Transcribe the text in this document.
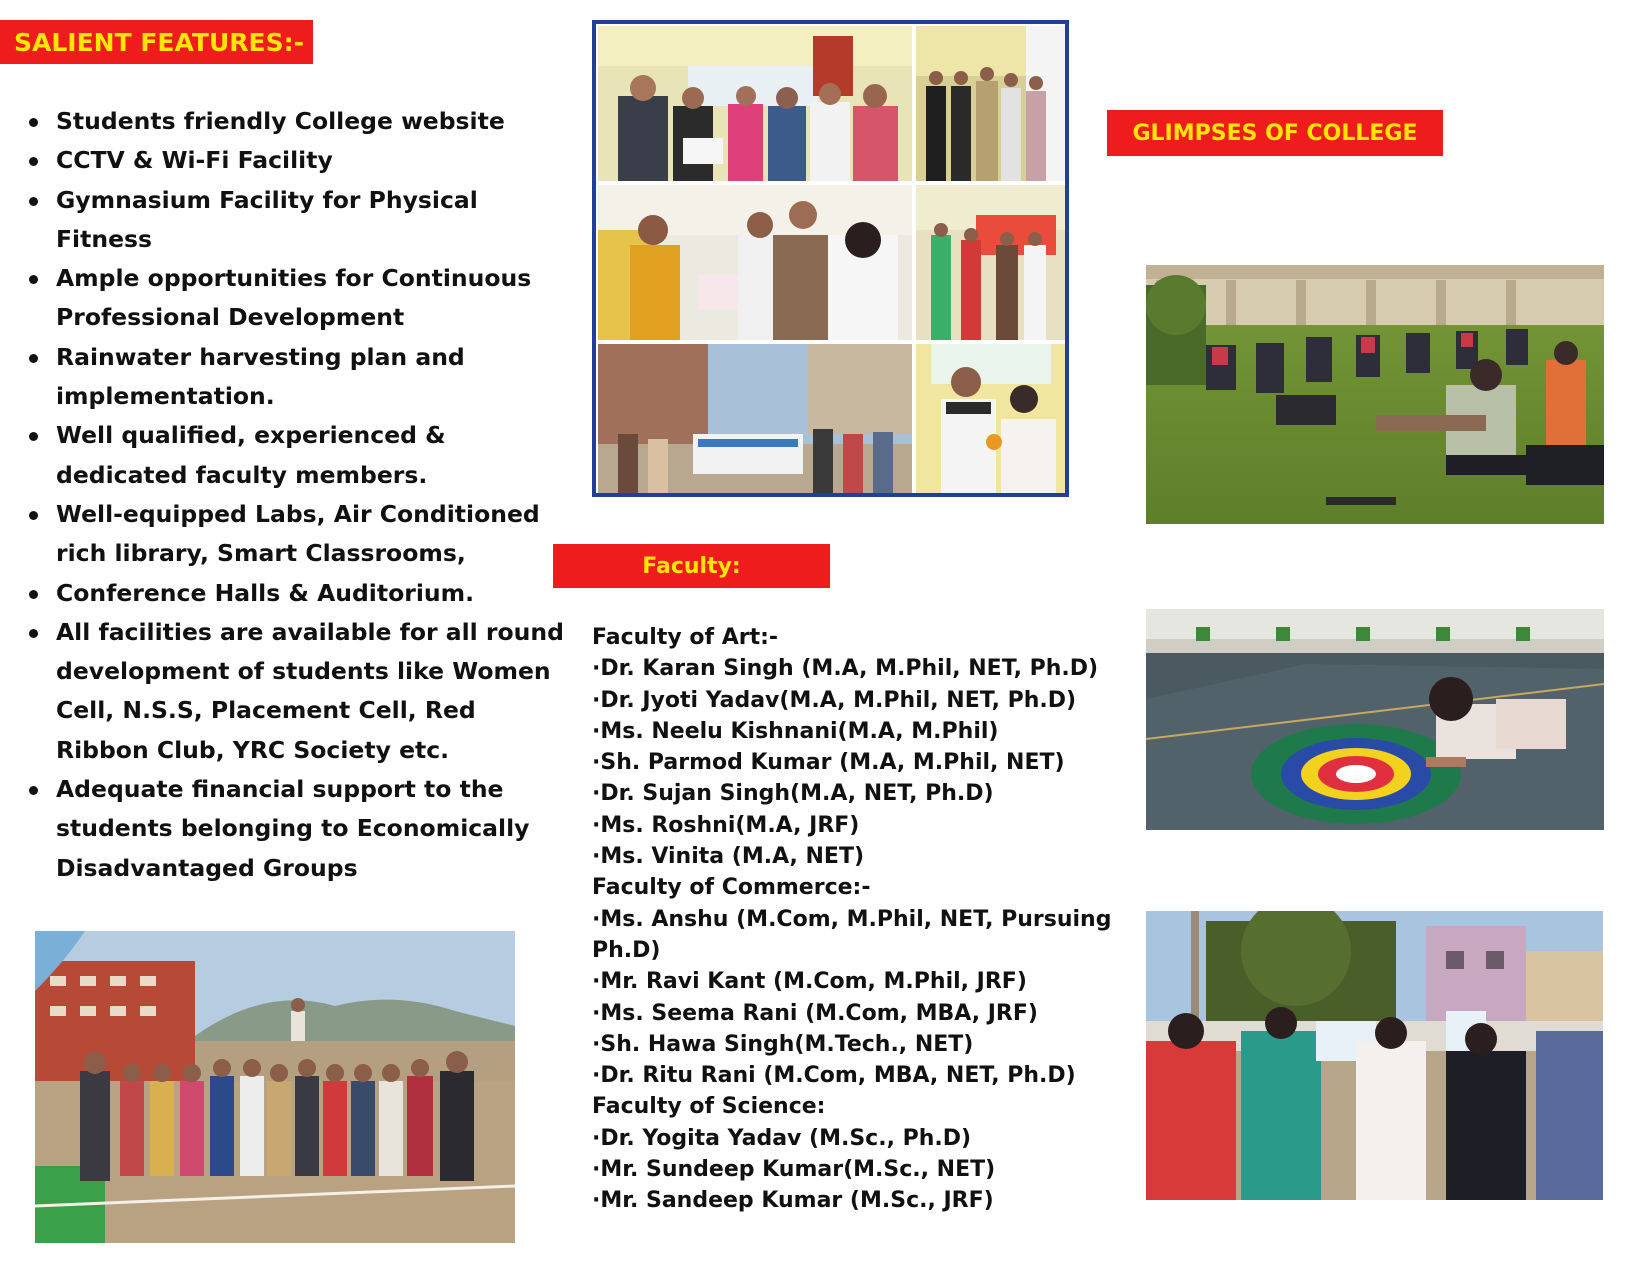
SALIENT FEATURES:-
GLIMPSES OF COLLEGE
Faculty:
Students friendly College website
CCTV & Wi-Fi Facility
Gymnasium Facility for Physical Fitness
Ample opportunities for Continuous Professional Development
Rainwater harvesting plan and implementation.
Well qualified, experienced & dedicated faculty members.
Well-equipped Labs, Air Conditioned rich library, Smart Classrooms,
Conference Halls & Auditorium.
All facilities are available for all round development of students like Women Cell, N.S.S, Placement Cell, Red Ribbon Club, YRC Society etc.
Adequate financial support to the students belonging to Economically Disadvantaged Groups
Faculty of Art:-
·Dr. Karan Singh (M.A, M.Phil, NET, Ph.D)
·Dr. Jyoti Yadav(M.A, M.Phil, NET, Ph.D)
·Ms. Neelu Kishnani(M.A, M.Phil)
·Sh. Parmod Kumar (M.A, M.Phil, NET)
·Dr. Sujan Singh(M.A, NET, Ph.D)
·Ms. Roshni(M.A, JRF)
·Ms. Vinita (M.A, NET)
Faculty of Commerce:-
·Ms. Anshu (M.Com, M.Phil, NET, Pursuing
Ph.D)
·Mr. Ravi Kant (M.Com, M.Phil, JRF)
·Ms. Seema Rani (M.Com, MBA, JRF)
·Sh. Hawa Singh(M.Tech., NET)
·Dr. Ritu Rani (M.Com, MBA, NET, Ph.D)
Faculty of Science:
·Dr. Yogita Yadav (M.Sc., Ph.D)
·Mr. Sundeep Kumar(M.Sc., NET)
·Mr. Sandeep Kumar (M.Sc., JRF)
